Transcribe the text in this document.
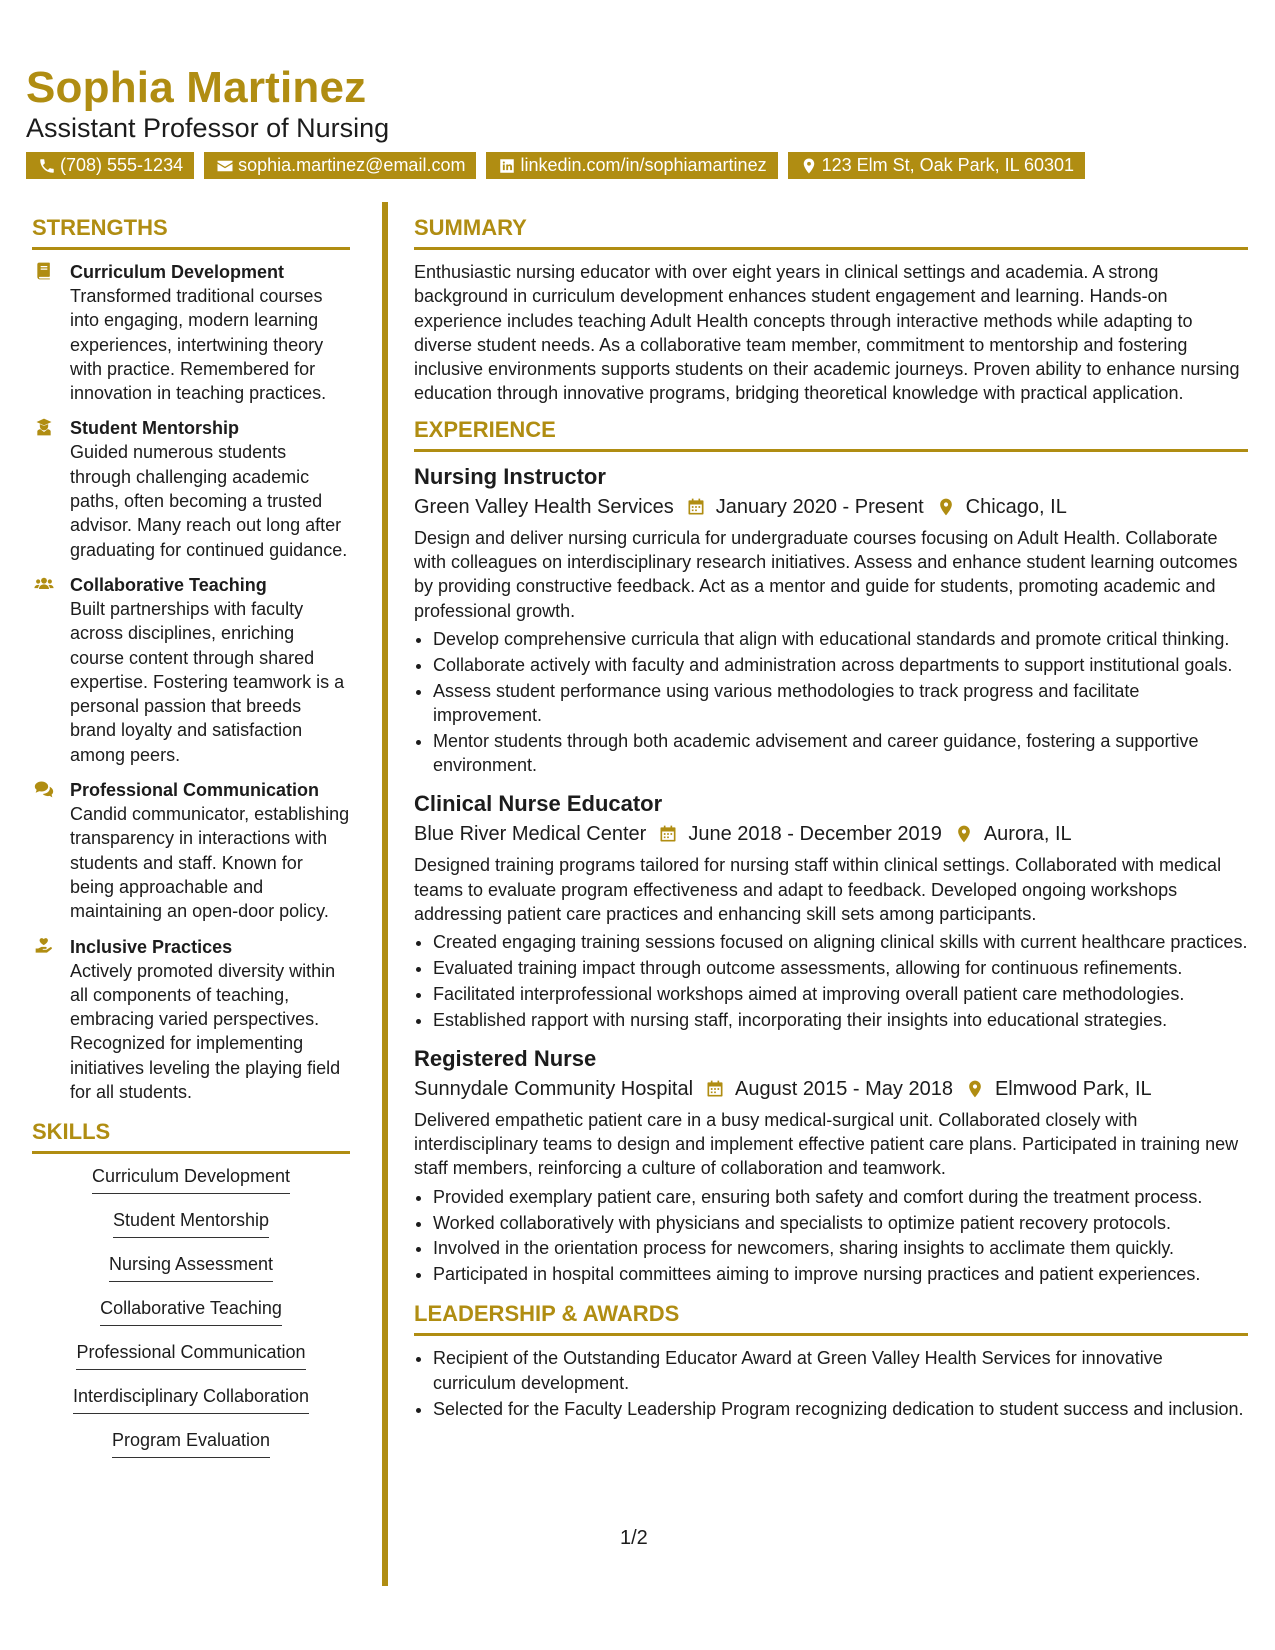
Sophia Martinez
Assistant Professor of Nursing
(708) 555-1234	sophia.martinez@email.com	linkedin.com/in/sophiamartinez	123 Elm St, Oak Park, IL 60301
STRENGTHS
Curriculum Development
Transformed traditional courses into engaging, modern learning experiences, intertwining theory with practice. Remembered for innovation in teaching practices.
Student Mentorship
Guided numerous students through challenging academic paths, often becoming a trusted advisor. Many reach out long after graduating for continued guidance.
Collaborative Teaching
Built partnerships with faculty across disciplines, enriching course content through shared expertise. Fostering teamwork is a personal passion that breeds brand loyalty and satisfaction among peers.
Professional Communication
Candid communicator, establishing transparency in interactions with students and staff. Known for being approachable and maintaining an open-door policy.
Inclusive Practices
Actively promoted diversity within all components of teaching, embracing varied perspectives. Recognized for implementing initiatives leveling the playing field for all students.
SKILLS
Curriculum Development
Student Mentorship
Nursing Assessment
Collaborative Teaching
Professional Communication
Interdisciplinary Collaboration
Program Evaluation
SUMMARY

Enthusiastic nursing educator with over eight years in clinical settings and academia. A strong background in curriculum development enhances student engagement and learning. Hands-on experience includes teaching Adult Health concepts through interactive methods while adapting to diverse student needs. As a collaborative team member, commitment to mentorship and fostering inclusive environments supports students on their academic journeys. Proven ability to enhance nursing education through innovative programs, bridging theoretical knowledge with practical application.

EXPERIENCE
Nursing Instructor
Green Valley Health Services January 2020 - Present Chicago, IL

Design and deliver nursing curricula for undergraduate courses focusing on Adult Health. Collaborate with colleagues on interdisciplinary research initiatives. Assess and enhance student learning outcomes by providing constructive feedback. Act as a mentor and guide for students, promoting academic and professional growth.

• Develop comprehensive curricula that align with educational standards and promote critical thinking.
• Collaborate actively with faculty and administration across departments to support institutional goals.
• Assess student performance using various methodologies to track progress and facilitate improvement.
• Mentor students through both academic advisement and career guidance, fostering a supportive environment.
Clinical Nurse Educator
Blue River Medical Center June 2018 - December 2019 Aurora, IL

Designed training programs tailored for nursing staff within clinical settings. Collaborated with medical teams to evaluate program effectiveness and adapt to feedback. Developed ongoing workshops addressing patient care practices and enhancing skill sets among participants.

• Created engaging training sessions focused on aligning clinical skills with current healthcare practices.
• Evaluated training impact through outcome assessments, allowing for continuous refinements.
• Facilitated interprofessional workshops aimed at improving overall patient care methodologies.
• Established rapport with nursing staff, incorporating their insights into educational strategies.
Registered Nurse
Sunnydale Community Hospital August 2015 - May 2018 Elmwood Park, IL

Delivered empathetic patient care in a busy medical-surgical unit. Collaborated closely with interdisciplinary teams to design and implement effective patient care plans. Participated in training new staff members, reinforcing a culture of collaboration and teamwork.

• Provided exemplary patient care, ensuring both safety and comfort during the treatment process.
• Worked collaboratively with physicians and specialists to optimize patient recovery protocols.
• Involved in the orientation process for newcomers, sharing insights to acclimate them quickly.
• Participated in hospital committees aiming to improve nursing practices and patient experiences.
LEADERSHIP & AWARDS
• Recipient of the Outstanding Educator Award at Green Valley Health Services for innovative curriculum development.
• Selected for the Faculty Leadership Program recognizing dedication to student success and inclusion.
1/2
